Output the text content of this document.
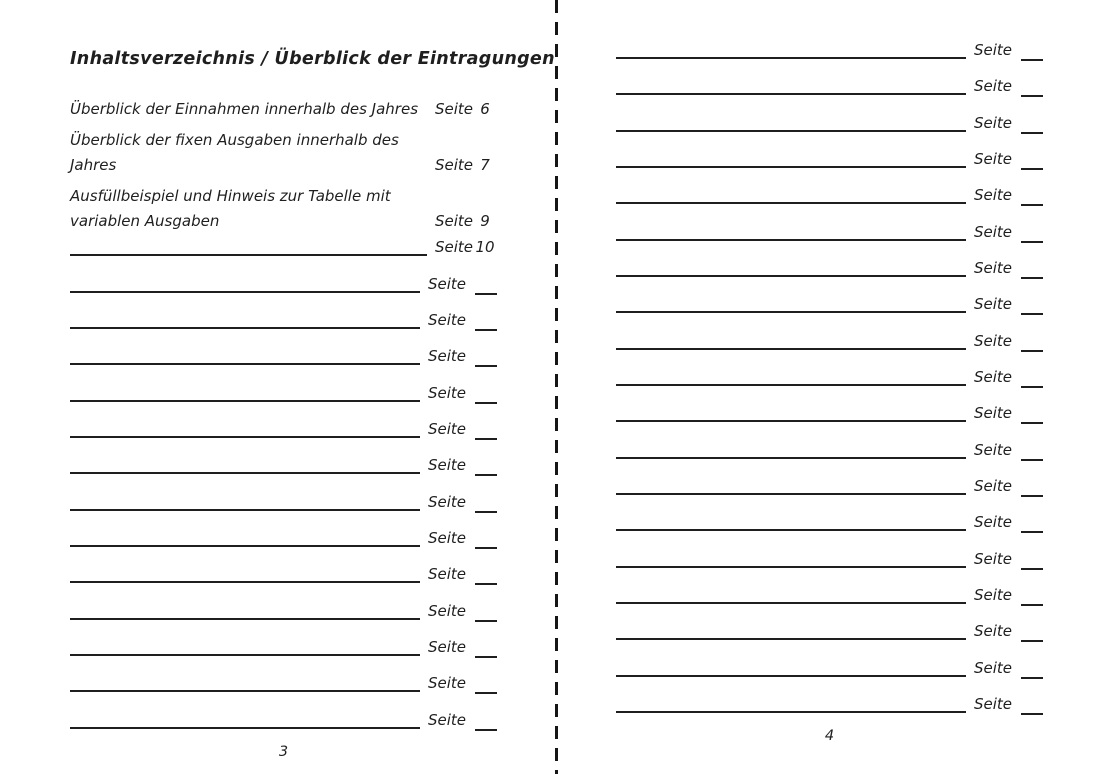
Inhaltsverzeichnis / Überblick der Eintragungen
Überblick der Einnahmen innerhalb des Jahres	Seite 6
Überblick der fixen Ausgaben innerhalb des Jahres	Seite 7
Ausfüllbeispiel und Hinweis zur Tabelle mit variablen Ausgaben	Seite 9
Seite 10
Seite
Seite
Seite
Seite
Seite
Seite
Seite
Seite
Seite
Seite
Seite
Seite
Seite
3
Seite
Seite
Seite
Seite
Seite
Seite
Seite
Seite
Seite
Seite
Seite
Seite
Seite
Seite
Seite
Seite
Seite
Seite
Seite
4
